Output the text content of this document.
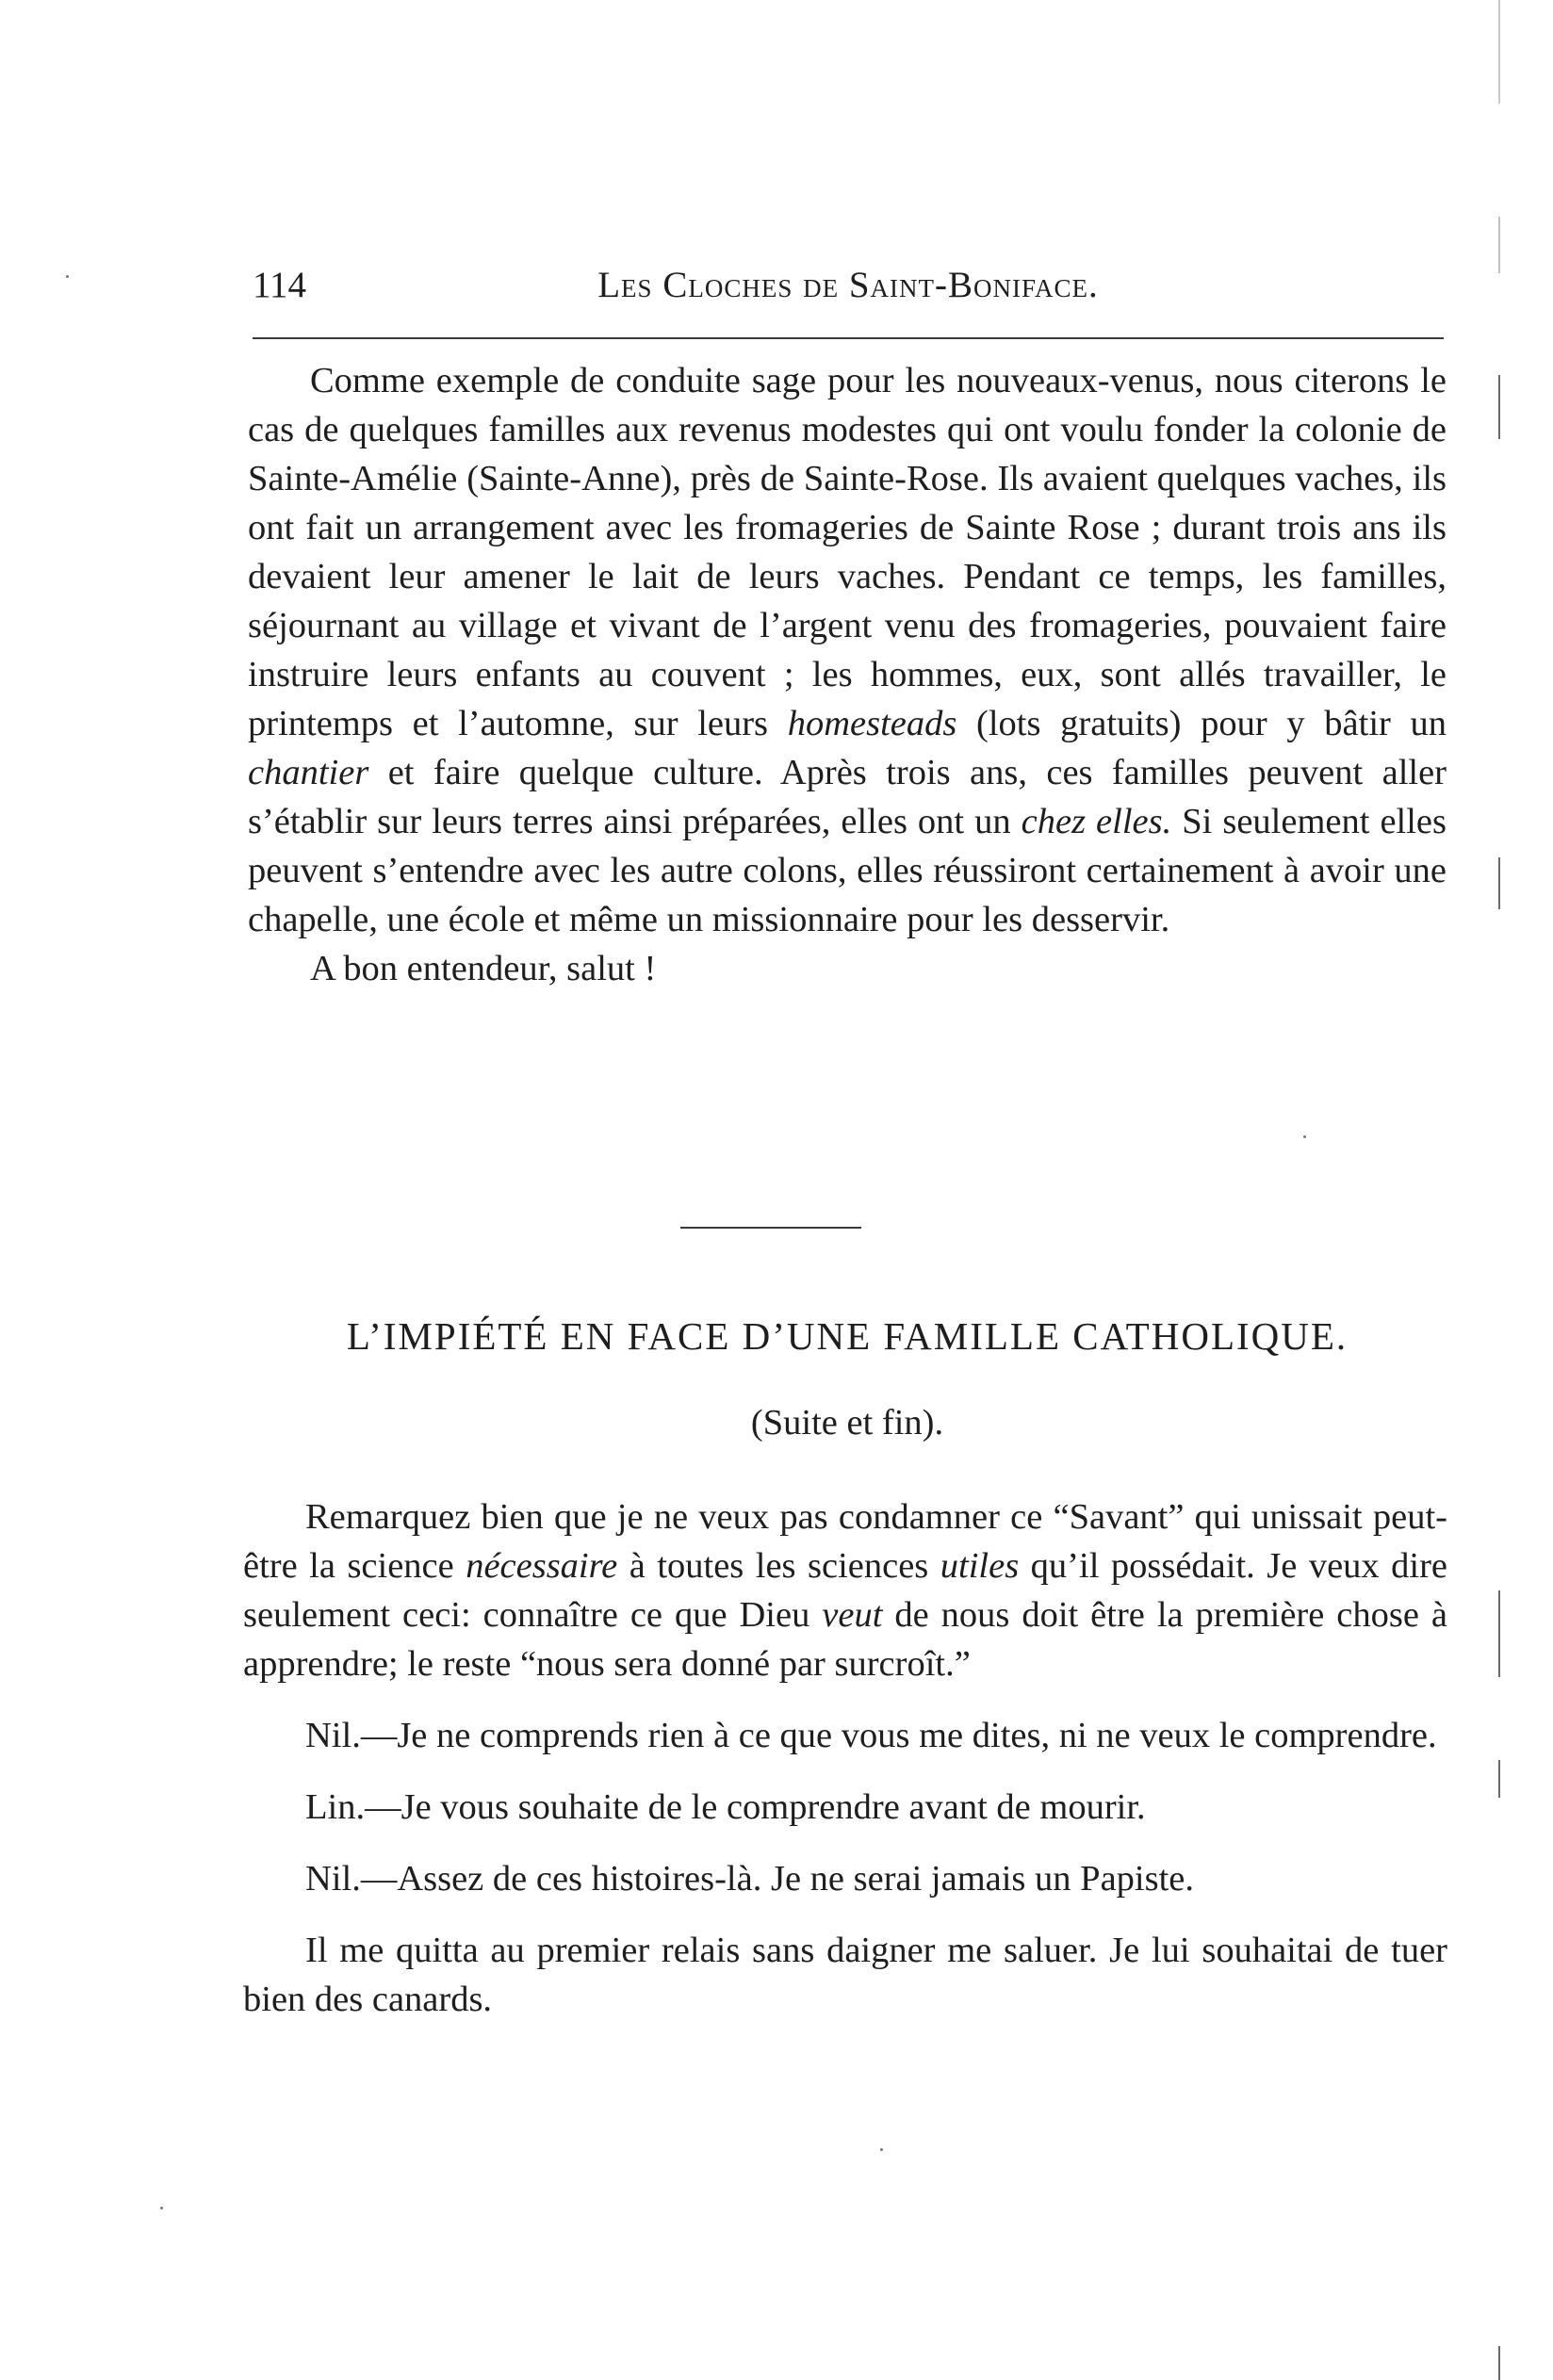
114	Les Cloches de Saint-Boniface.

Comme exemple de conduite sage pour les nouveaux-venus, nous citerons le cas de quelques familles aux revenus modestes qui ont voulu fonder la colonie de Sainte-Amélie (Sainte-Anne), près de Sainte-Rose. Ils avaient quelques vaches, ils ont fait un arrangement avec les fromageries de Sainte Rose ; durant trois ans ils devaient leur amener le lait de leurs vaches. Pendant ce temps, les familles, séjournant au village et vivant de l’argent venu des fromageries, pouvaient faire instruire leurs enfants au couvent ; les hommes, eux, sont allés travailler, le printemps et l’automne, sur leurs homesteads (lots gratuits) pour y bâtir un chantier et faire quelque culture. Après trois ans, ces familles peuvent aller s’établir sur leurs terres ainsi préparées, elles ont un chez elles. Si seulement elles peuvent s’entendre avec les autre colons, elles réussiront certainement à avoir une chapelle, une école et même un missionnaire pour les desservir.

A bon entendeur, salut !

L’IMPIÉTÉ EN FACE D’UNE FAMILLE CATHOLIQUE.
(Suite et fin).

Remarquez bien que je ne veux pas condamner ce “Savant” qui unissait peut-être la science nécessaire à toutes les sciences utiles qu’il possédait. Je veux dire seulement ceci: connaître ce que Dieu veut de nous doit être la première chose à apprendre; le reste “nous sera donné par surcroît.”

Nil.—Je ne comprends rien à ce que vous me dites, ni ne veux le comprendre.

Lin.—Je vous souhaite de le comprendre avant de mourir.

Nil.—Assez de ces histoires-là. Je ne serai jamais un Papiste.

Il me quitta au premier relais sans daigner me saluer. Je lui souhaitai de tuer bien des canards.
